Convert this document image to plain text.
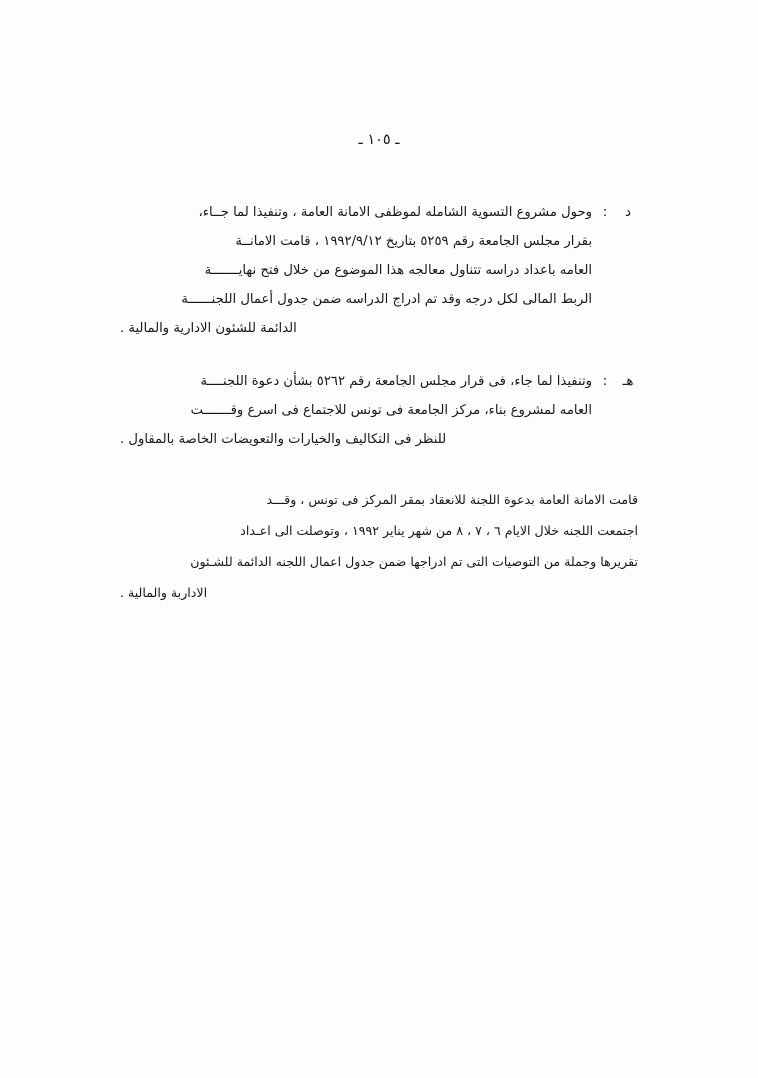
ـ ١٠٥ ـ
د
:
وحول مشروع التسوية الشامله لموظفى الامانة العامة ، وتنفيذا لما جــاء،
بقرار مجلس الجامعة رقم ٥٢٥٩ بتاريخ ١٩٩٢/٩/١٢ ، قامت الامانــة
العامه باعداد دراسه تتناول معالجه هذا الموضوع من خلال فتح نهايـــــــة
الربط المالى لكل درجه وقد تم ادراج الدراسه ضمن جدول أعمال اللجنــــــة
الدائمة للشئون الادارية والمالية .
هـ
:
وتنفيذا لما جاء، فى قرار مجلس الجامعة رقم ٥٢٦٢ بشأن دعوة اللجنــــة
العامه لمشروع بناء، مركز الجامعة فى تونس للاجتماع فى اسرع وقـــــــت
للنظر فى التكاليف والخيارات والتعويضات الخاصة بالمقاول .
قامت الامانة العامة بدعوة اللجنة للانعقاد بمقر المركز فى تونس ، وقـــد
اجتمعت اللجنه خلال الايام ٦ ، ٧ ، ٨ من شهر يناير ١٩٩٢ ، وتوصلت الى اعـداد
تقريرها وجملة من التوصيات التى تم ادراجها ضمن جدول اعمال اللجنه الدائمة للشـئون
الاداربة والمالية .
